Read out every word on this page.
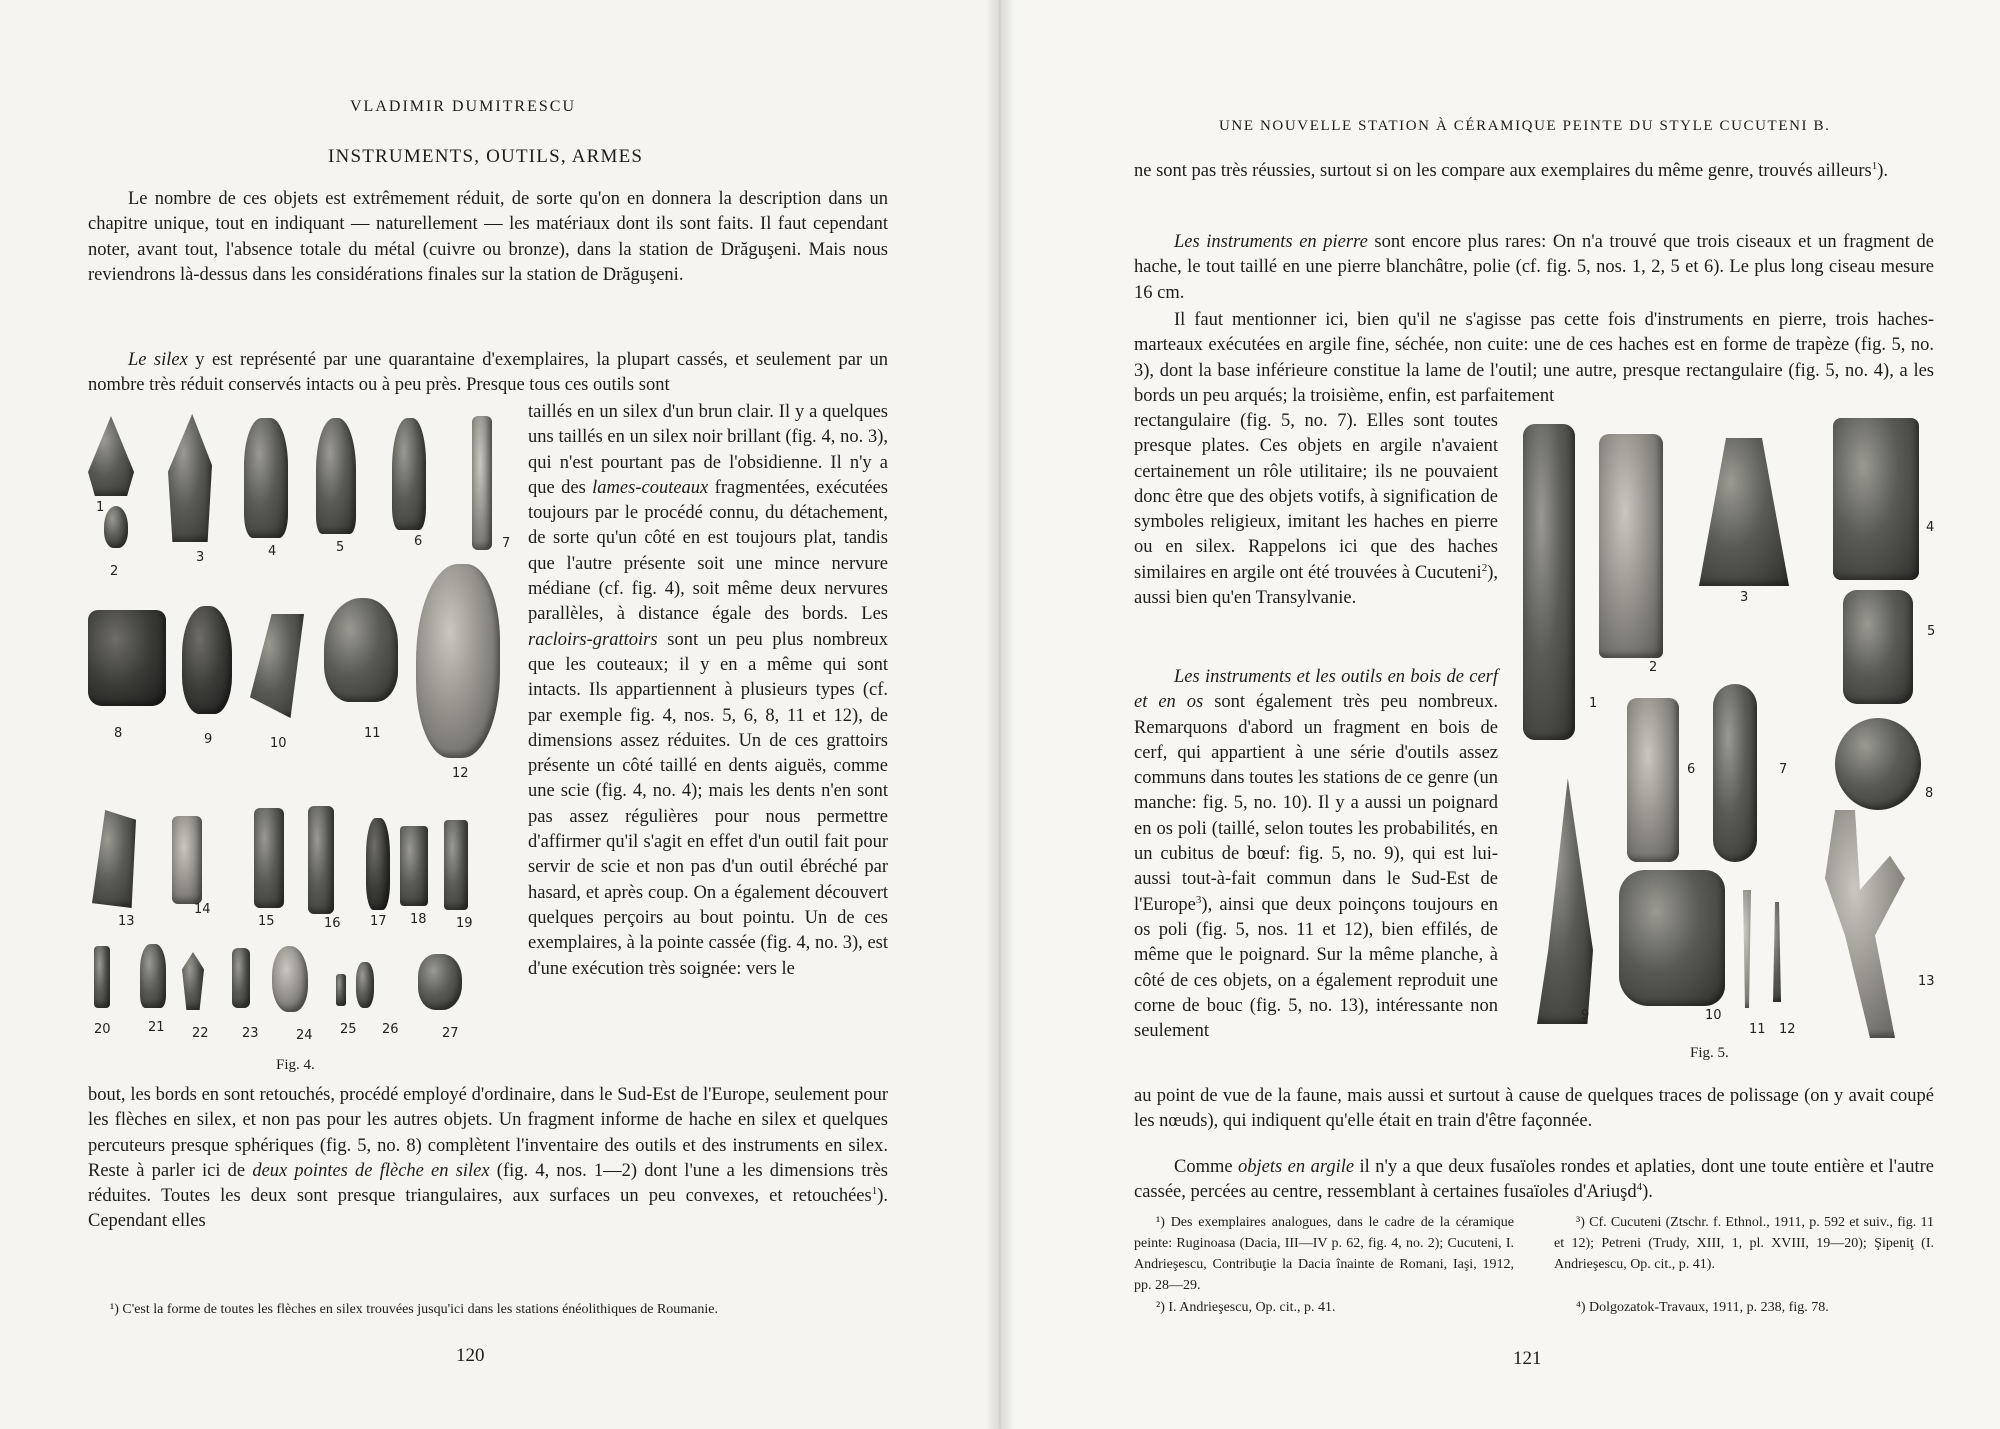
VLADIMIR DUMITRESCU
INSTRUMENTS, OUTILS, ARMES

Le nombre de ces objets est extrêmement réduit, de sorte qu'on en donnera la description dans un chapitre unique, tout en indiquant — naturellement — les matériaux dont ils sont faits. Il faut cependant noter, avant tout, l'absence totale du métal (cuivre ou bronze), dans la station de Drăguşeni. Mais nous reviendrons là-dessus dans les considérations finales sur la station de Drăguşeni.

Le silex y est représenté par une quarantaine d'exemplaires, la plupart cassés, et seulement par un nombre très réduit conservés intacts ou à peu près. Presque tous ces outils sont

taillés en un silex d'un brun clair. Il y a quelques uns taillés en un silex noir brillant (fig. 4, no. 3), qui n'est pourtant pas de l'obsidienne. Il n'y a que des lames-couteaux fragmentées, exécutées toujours par le procédé connu, du détachement, de sorte qu'un côté en est toujours plat, tandis que l'autre présente soit une mince nervure médiane (cf. fig. 4), soit même deux nervures parallèles, à distance égale des bords. Les racloirs-grattoirs sont un peu plus nombreux que les couteaux; il y en a même qui sont intacts. Ils appartiennent à plusieurs types (cf. par exemple fig. 4, nos. 5, 6, 8, 11 et 12), de dimensions assez réduites. Un de ces grattoirs présente un côté taillé en dents aiguës, comme une scie (fig. 4, no. 4); mais les dents n'en sont pas assez régulières pour nous permettre d'affirmer qu'il s'agit en effet d'un outil fait pour servir de scie et non pas d'un outil ébréché par hasard, et après coup. On a également découvert quelques perçoirs au bout pointu. Un de ces exemplaires, à la pointe cassée (fig. 4, no. 3), est d'une exécution très soignée: vers le

bout, les bords en sont retouchés, procédé employé d'ordinaire, dans le Sud-Est de l'Europe, seulement pour les flèches en silex, et non pas pour les autres objets. Un fragment informe de hache en silex et quelques percuteurs presque sphériques (fig. 5, no. 8) complètent l'inventaire des outils et des instruments en silex. Reste à parler ici de deux pointes de flèche en silex (fig. 4, nos. 1—2) dont l'une a les dimensions très réduites. Toutes les deux sont presque triangulaires, aux surfaces un peu convexes, et retouchées$^1$). Cependant elles

1
2
3	4	5	6	7
8	9	10
11
12
13
14
15	16 17 18 19
20	21 22	23	24 25 26	27
Fig. 4.

¹) C'est la forme de toutes les flèches en silex trouvées jusqu'ici dans les stations énéolithiques de Roumanie.

120
UNE NOUVELLE STATION À CÉRAMIQUE PEINTE DU STYLE CUCUTENI B.

ne sont pas très réussies, surtout si on les compare aux exemplaires du même genre, trouvés ailleurs$^1$).

Les instruments en pierre sont encore plus rares: On n'a trouvé que trois ciseaux et un fragment de hache, le tout taillé en une pierre blanchâtre, polie (cf. fig. 5, nos. 1, 2, 5 et 6). Le plus long ciseau mesure 16 cm.

Il faut mentionner ici, bien qu'il ne s'agisse pas cette fois d'instruments en pierre, trois haches-marteaux exécutées en argile fine, séchée, non cuite: une de ces haches est en forme de trapèze (fig. 5, no. 3), dont la base inférieure constitue la lame de l'outil; une autre, presque rectangulaire (fig. 5, no. 4), a les bords un peu arqués; la troisième, enfin, est parfaitement

rectangulaire (fig. 5, no. 7). Elles sont toutes presque plates. Ces objets en argile n'avaient certainement un rôle utilitaire; ils ne pouvaient donc être que des objets votifs, à signification de symboles religieux, imitant les haches en pierre ou en silex. Rappelons ici que des haches similaires en argile ont été trouvées à Cucuteni$^2$), aussi bien qu'en Transylvanie.

Les instruments et les outils en bois de cerf et en os sont également très peu nombreux. Remarquons d'abord un fragment en bois de cerf, qui appartient à une série d'outils assez communs dans toutes les stations de ce genre (un manche: fig. 5, no. 10). Il y a aussi un poignard en os poli (taillé, selon toutes les probabilités, en un cubitus de bœuf: fig. 5, no. 9), qui est lui-aussi tout-à-fait commun dans le Sud-Est de l'Europe$^3$), ainsi que deux poinçons toujours en os poli (fig. 5, nos. 11 et 12), bien effilés, de même que le poignard. Sur la même planche, à côté de ces objets, on a également reproduit une corne de bouc (fig. 5, no. 13), intéressante non seulement

au point de vue de la faune, mais aussi et surtout à cause de quelques traces de polissage (on y avait coupé les nœuds), qui indiquent qu'elle était en train d'être façonnée.

Comme objets en argile il n'y a que deux fusaïoles rondes et aplaties, dont une toute entière et l'autre cassée, percées au centre, ressemblant à certaines fusaïoles d'Ariuşd$^4$).

1
2
3
4
5
6	7
8
9	10
11 12
13
Fig. 5.

¹) Des exemplaires analogues, dans le cadre de la céramique peinte: Ruginoasa (Dacia, III—IV p. 62, fig. 4, no. 2); Cucuteni, I. Andrieşescu, Contribuţie la Dacia înainte de Romani, Iaşi, 1912, pp. 28—29.

²) I. Andrieşescu, Op. cit., p. 41.

³) Cf. Cucuteni (Ztschr. f. Ethnol., 1911, p. 592 et suiv., fig. 11 et 12); Petreni (Trudy, XIII, 1, pl. XVIII, 19—20); Şipeniţ (I. Andrieşescu, Op. cit., p. 41).

⁴) Dolgozatok-Travaux, 1911, p. 238, fig. 78.

121
